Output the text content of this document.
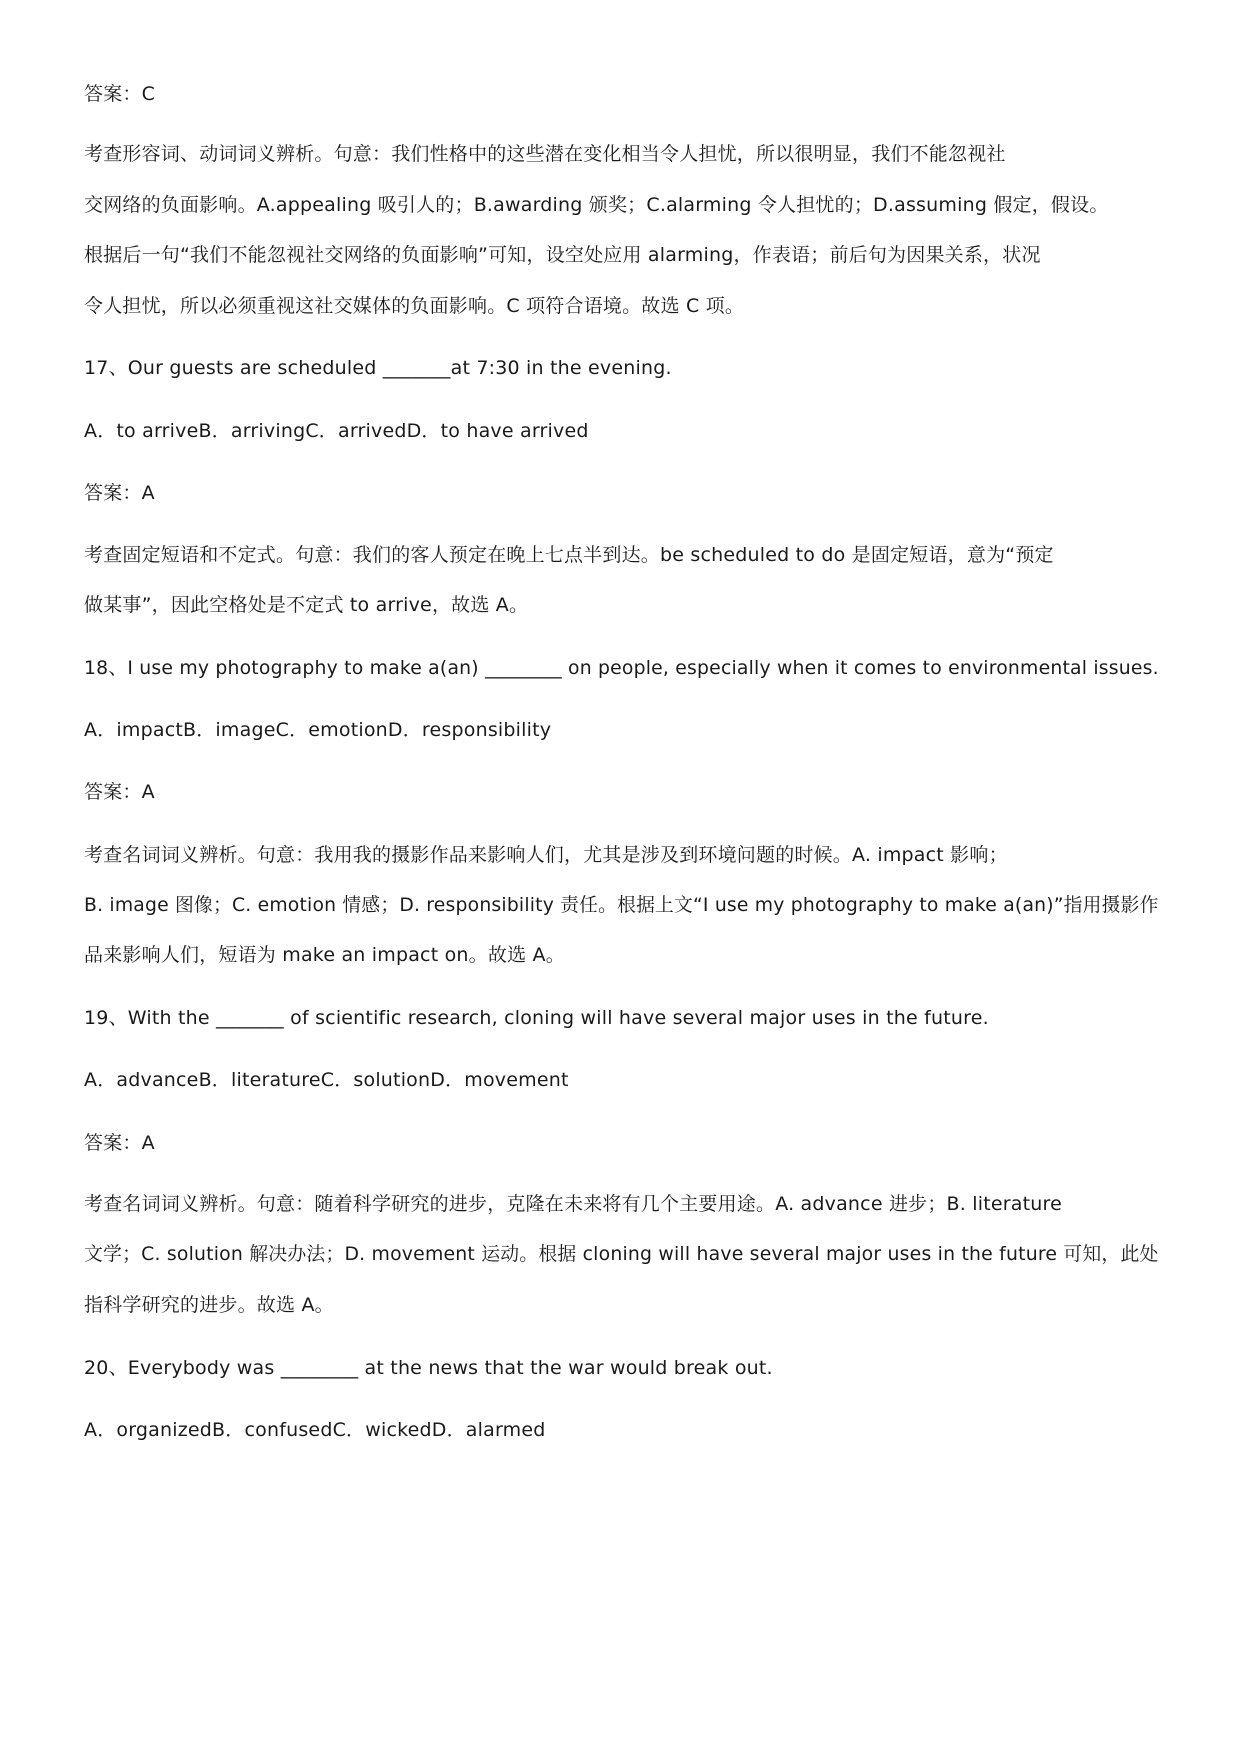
答案：C
考查形容词、动词词义辨析。句意：我们性格中的这些潜在变化相当令人担忧，所以很明显，我们不能忽视社
交网络的负面影响。A.appealing 吸引人的；B.awarding 颁奖；C.alarming 令人担忧的；D.assuming 假定，假设。
根据后一句“我们不能忽视社交网络的负面影响”可知，设空处应用 alarming，作表语；前后句为因果关系，状况
令人担忧，所以必须重视这社交媒体的负面影响。C 项符合语境。故选 C 项。
17、Our guests are scheduled _______at 7:30 in the evening.
A．to arriveB．arrivingC．arrivedD．to have arrived
答案：A
考查固定短语和不定式。句意：我们的客人预定在晚上七点半到达。be scheduled to do 是固定短语，意为“预定
做某事”，因此空格处是不定式 to arrive，故选 A。
18、I use my photography to make a(an) ________ on people, especially when it comes to environmental issues.
A．impactB．imageC．emotionD．responsibility
答案：A
考查名词词义辨析。句意：我用我的摄影作品来影响人们，尤其是涉及到环境问题的时候。A. impact 影响；
B. image 图像；C. emotion 情感；D. responsibility 责任。根据上文“I use my photography to make a(an)”指用摄影作
品来影响人们，短语为 make an impact on。故选 A。
19、With the _______ of scientific research, cloning will have several major uses in the future.
A．advanceB．literatureC．solutionD．movement
答案：A
考查名词词义辨析。句意：随着科学研究的进步，克隆在未来将有几个主要用途。A. advance 进步；B. literature
文学；C. solution 解决办法；D. movement 运动。根据 cloning will have several major uses in the future 可知，此处
指科学研究的进步。故选 A。
20、Everybody was ________ at the news that the war would break out.
A．organizedB．confusedC．wickedD．alarmed
